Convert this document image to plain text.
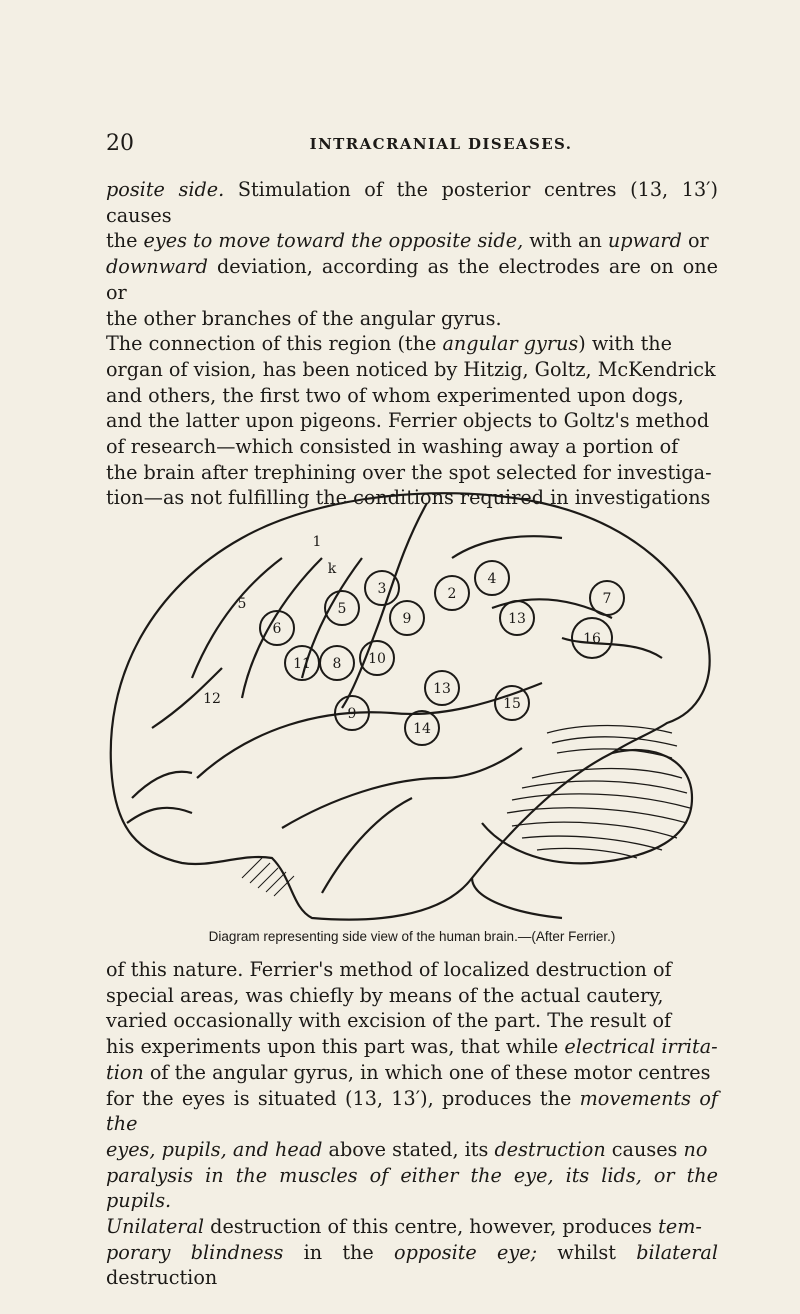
20	INTRACRANIAL DISEASES.

posite side. Stimulation of the posterior centres (13, 13′) causes

the eyes to move toward the opposite side, with an upward or

downward deviation, according as the electrodes are on one or

the other branches of the angular gyrus.

The connection of this region (the angular gyrus) with the

organ of vision, has been noticed by Hitzig, Goltz, McKendrick

and others, the first two of whom experimented upon dogs,

and the latter upon pigeons. Ferrier objects to Goltz's method

of research—which consisted in washing away a portion of

the brain after trephining over the spot selected for investiga-

tion—as not fulfilling the conditions required in investigations

6
11
5
3
9
8 10
2
4
13
16
7
13
9
14
15
k
12
5
1
Diagram representing side view of the human brain.—(After Ferrier.)

of this nature. Ferrier's method of localized destruction of

special areas, was chiefly by means of the actual cautery,

varied occasionally with excision of the part. The result of

his experiments upon this part was, that while electrical irrita-

tion of the angular gyrus, in which one of these motor centres

for the eyes is situated (13, 13′), produces the movements of the

eyes, pupils, and head above stated, its destruction causes no

paralysis in the muscles of either the eye, its lids, or the pupils.

Unilateral destruction of this centre, however, produces tem-

porary blindness in the opposite eye; whilst bilateral destruction
